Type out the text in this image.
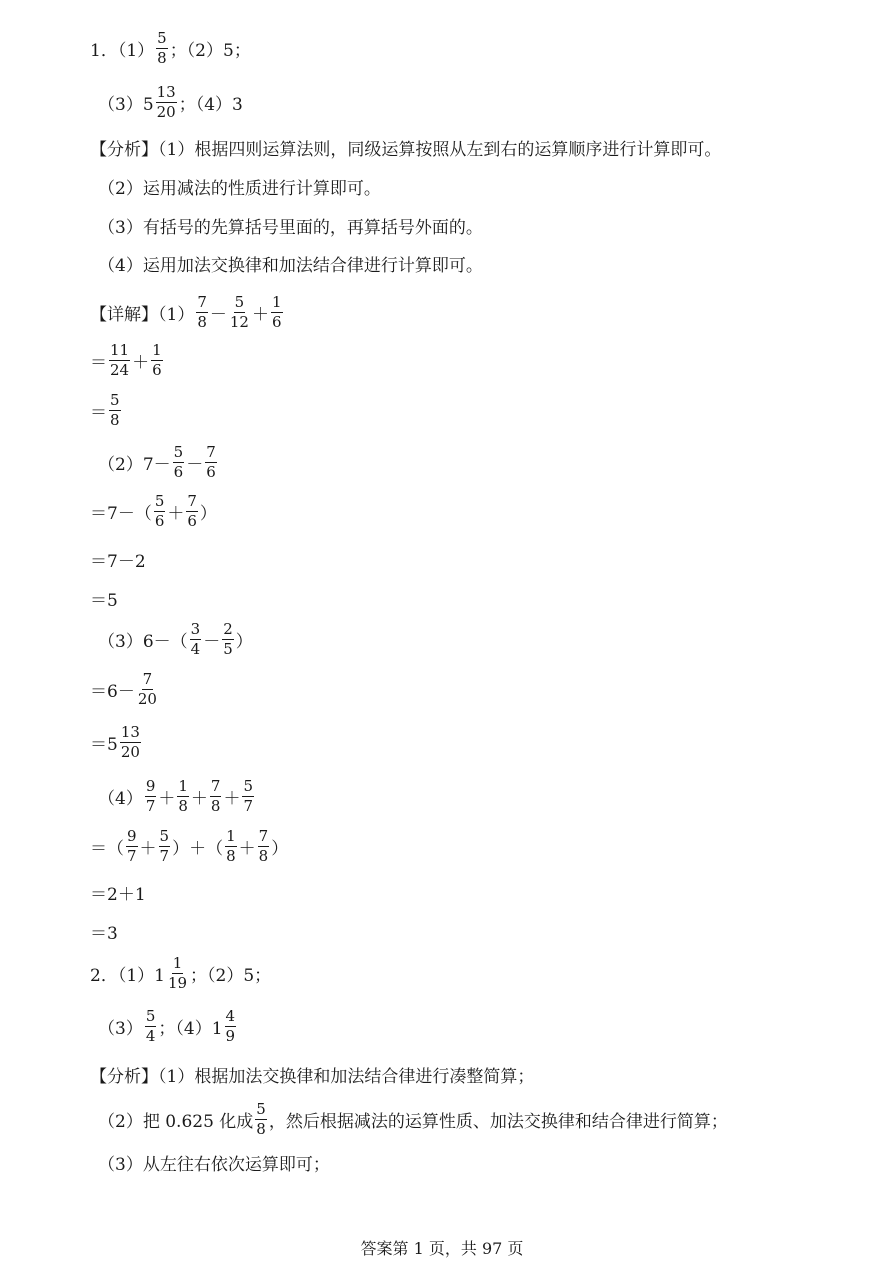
1．$(1) \frac{5}{8}$ ；（2）5；
$(3)5 \frac{13}{20}$ ；（4）3
【分析】（1）根据四则运算法则，同级运算按照从左到右的运算顺序进行计算即可。
（2）运用减法的性质进行计算即可。
（3）有括号的先算括号里面的，再算括号外面的。
（4）运用加法交换律和加法结合律进行计算即可。
【详解】$(1) \frac{7}{8} - \frac{5}{12} + \frac{1}{6}$
＝ $\frac{11}{24} + \frac{1}{6}$
＝ $\frac{5}{8}$
$(2)7- \frac{5}{6} - \frac{7}{6}$
$=7-( \frac{5}{6} + \frac{7}{6}$ ）
＝7－2
＝5
$(3)6-( \frac{3}{4} - \frac{2}{5}$ ）
$=6- \frac{7}{20}$
$=5 \frac{13}{20}$
$(4) \frac{9}{7} + \frac{1}{8} + \frac{7}{8} + \frac{5}{7}$
＝（ $\frac{9}{7} + \frac{5}{7}$ ）＋（ $\frac{1}{8} + \frac{7}{8}$ ）
＝2＋1
＝3
2．$(1)1 \frac{1}{19}$ ；（2）5；
$(3) \frac{5}{4}$ ；$(4)1 \frac{4}{9}$
【分析】（1）根据加法交换律和加法结合律进行凑整简算；
（2）把 0.625 化成 $\frac{5}{8}$ ，然后根据减法的运算性质、加法交换律和结合律进行简算；
（3）从左往右依次运算即可；
答案第 1 页，共 97 页
